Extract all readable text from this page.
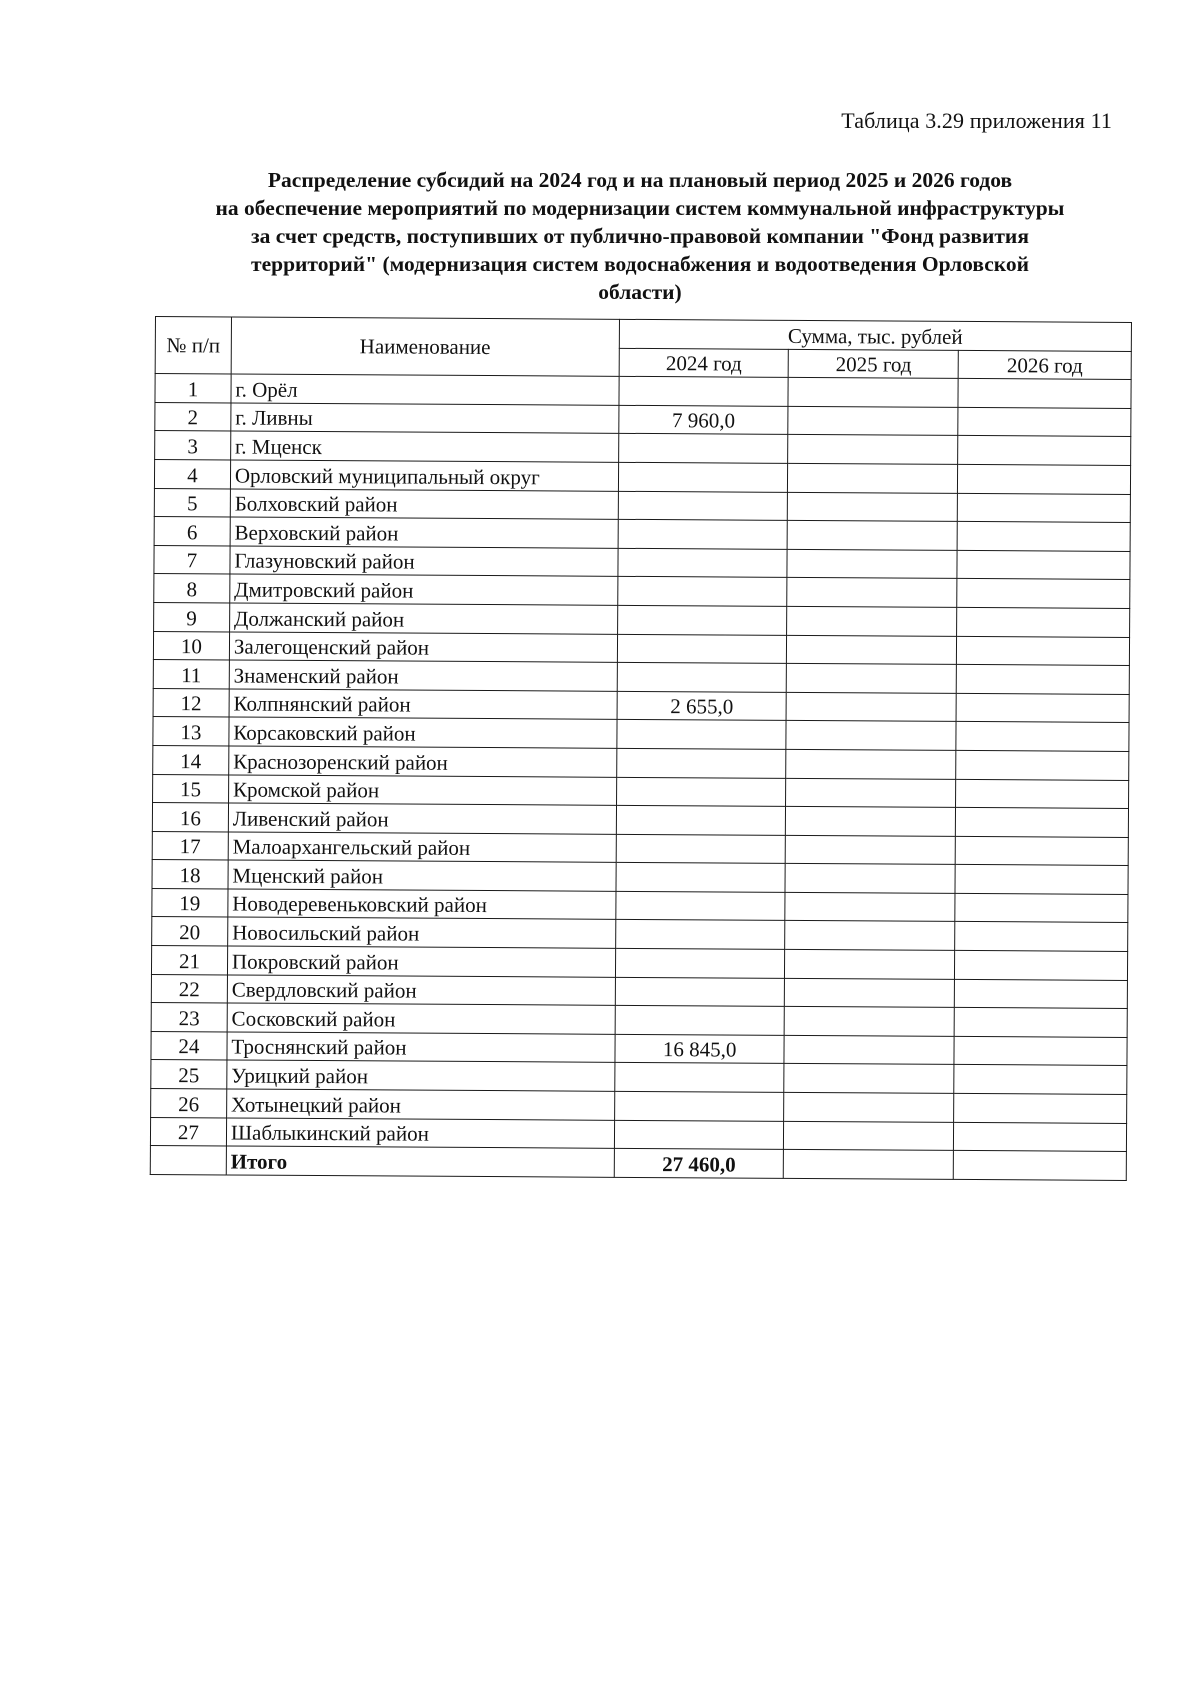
Таблица 3.29 приложения 11
Распределение субсидий на 2024 год и на плановый период 2025 и 2026 годов
на обеспечение мероприятий по модернизации систем коммунальной инфраструктуры
за счет средств, поступивших от публично-правовой компании "Фонд развития
территорий" (модернизация систем водоснабжения и водоотведения Орловской
области)
№ п/п	Наименование	Сумма, тыс. рублей		
		2024 год	2025 год	2026 год
1	г. Орёл			
2	г. Ливны	7 960,0		
3	г. Мценск			
4	Орловский муниципальный округ			
5	Болховский район			
6	Верховский район			
7	Глазуновский район			
8	Дмитровский район			
9	Должанский район			
10	Залегощенский район			
11	Знаменский район			
12	Колпнянский район	2 655,0		
13	Корсаковский район			
14	Краснозоренский район			
15	Кромской район			
16	Ливенский район			
17	Малоархангельский район			
18	Мценский район			
19	Новодеревеньковский район			
20	Новосильский район			
21	Покровский район			
22	Свердловский район			
23	Сосковский район			
24	Троснянский район	16 845,0		
25	Урицкий район			
26	Хотынецкий район			
27	Шаблыкинский район			
	Итого	27 460,0		
